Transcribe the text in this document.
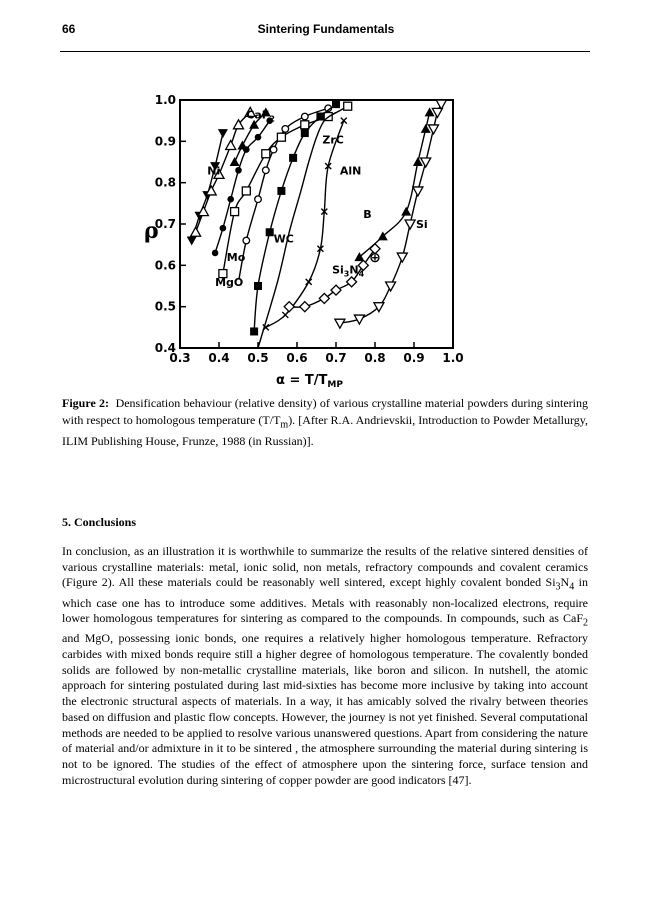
66	Sintering Fundamentals
0.3 0.4 0.5 0.6 0.7 0.8 0.9 1.0
0.4
0.5
0.6
0.7
0.8
0.9
1.0
Ni
CaF$_2$
Mo
MgO
WC
ZrC
AlN
$Si_3N_4$
B
Si
⊕
ρ
$\alpha = T/T_{MP}$
Figure 2: Densification behaviour (relative density) of various crystalline material powders during sintering with respect to homologous temperature $(T/T_m)$. [After R.A. Andrievskii, Introduction to Powder Metallurgy, ILIM Publishing House, Frunze, 1988 (in Russian)].
5. Conclusions
In conclusion, as an illustration it is worthwhile to summarize the results of the relative sintered densities of various crystalline materials: metal, ionic solid, non metals, refractory compounds and covalent ceramics (Figure 2). All these materials could be reasonably well sintered, except highly covalent bonded $Si_3N_4$ in which case one has to introduce some additives. Metals with reasonably non-localized electrons, require lower homologous temperatures for sintering as compared to the compounds. In compounds, such as CaF$_2$ and MgO, possessing ionic bonds, one requires a relatively higher homologous temperature. Refractory carbides with mixed bonds require still a higher degree of homologous temperature. The covalently bonded solids are followed by non-metallic crystalline materials, like boron and silicon. In nutshell, the atomic approach for sintering postulated during last mid-sixties has become more inclusive by taking into account the electronic structural aspects of materials. In a way, it has amicably solved the rivalry between theories based on diffusion and plastic flow concepts. However, the journey is not yet finished. Several computational methods are needed to be applied to resolve various unanswered questions. Apart from considering the nature of material and/or admixture in it to be sintered , the atmosphere surrounding the material during sintering is not to be ignored. The studies of the effect of atmosphere upon the sintering force, surface tension and microstructural evolution during sintering of copper powder are good indicators [47].
